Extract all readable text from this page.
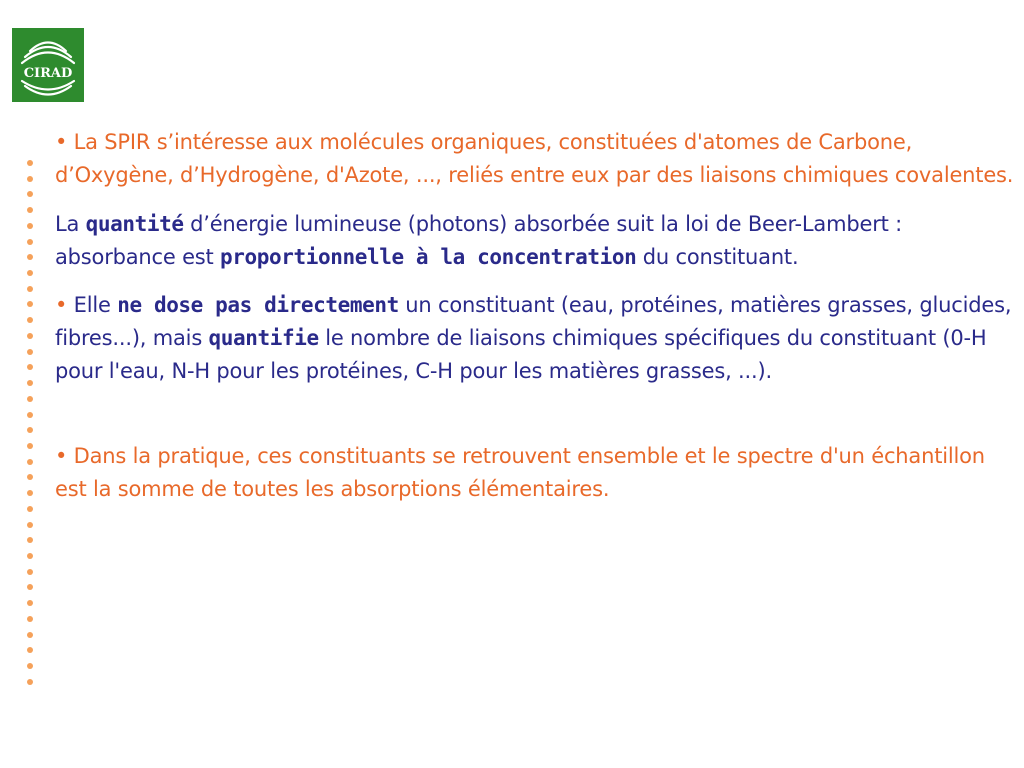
CIRAD

• La SPIR s’intéresse aux molécules organiques, constituées d'atomes de Carbone, d’Oxygène, d’Hydrogène, d'Azote, ..., reliés entre eux par des liaisons chimiques covalentes.

La quantité d’énergie lumineuse (photons) absorbée suit la loi de Beer-Lambert : absorbance est proportionnelle à la concentration du constituant.

• Elle ne dose pas directement un constituant (eau, protéines, matières grasses, glucides, fibres...), mais quantifie le nombre de liaisons chimiques spécifiques du constituant (0-H pour l'eau, N-H pour les protéines, C-H pour les matières grasses, ...).

• Dans la pratique, ces constituants se retrouvent ensemble et le spectre d'un échantillon est la somme de toutes les absorptions élémentaires.
